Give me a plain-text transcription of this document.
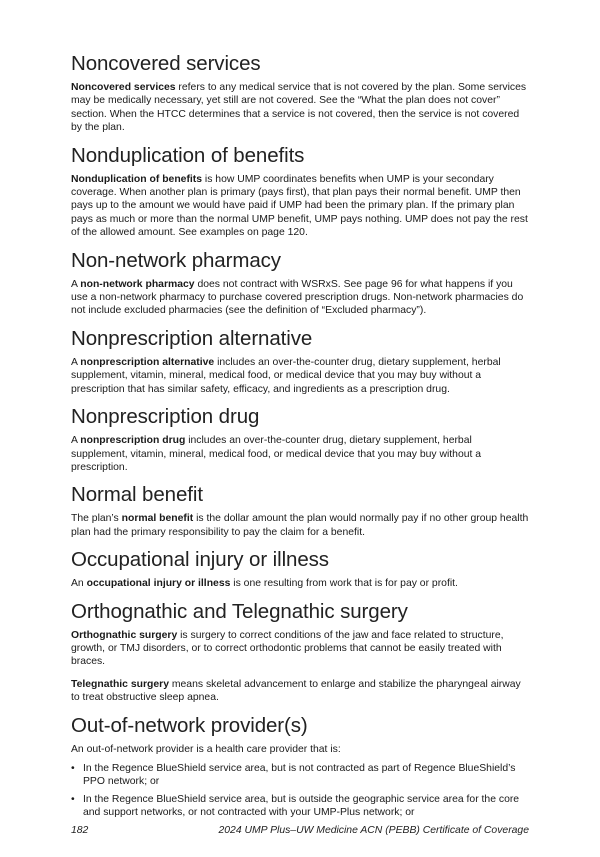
Noncovered services

Noncovered services refers to any medical service that is not covered by the plan. Some services may be medically necessary, yet still are not covered. See the “What the plan does not cover” section. When the HTCC determines that a service is not covered, then the service is not covered by the plan.

Nonduplication of benefits

Nonduplication of benefits is how UMP coordinates benefits when UMP is your secondary coverage. When another plan is primary (pays first), that plan pays their normal benefit. UMP then pays up to the amount we would have paid if UMP had been the primary plan. If the primary plan pays as much or more than the normal UMP benefit, UMP pays nothing. UMP does not pay the rest of the allowed amount. See examples on page 120.

Non-network pharmacy

A non-network pharmacy does not contract with WSRxS. See page 96 for what happens if you use a non-network pharmacy to purchase covered prescription drugs. Non-network pharmacies do not include excluded pharmacies (see the definition of “Excluded pharmacy”).

Nonprescription alternative

A nonprescription alternative includes an over-the-counter drug, dietary supplement, herbal supplement, vitamin, mineral, medical food, or medical device that you may buy without a prescription that has similar safety, efficacy, and ingredients as a prescription drug.

Nonprescription drug

A nonprescription drug includes an over-the-counter drug, dietary supplement, herbal supplement, vitamin, mineral, medical food, or medical device that you may buy without a prescription.

Normal benefit

The plan’s normal benefit is the dollar amount the plan would normally pay if no other group health plan had the primary responsibility to pay the claim for a benefit.

Occupational injury or illness

An occupational injury or illness is one resulting from work that is for pay or profit.

Orthognathic and Telegnathic surgery

Orthognathic surgery is surgery to correct conditions of the jaw and face related to structure, growth, or TMJ disorders, or to correct orthodontic problems that cannot be easily treated with braces.

Telegnathic surgery means skeletal advancement to enlarge and stabilize the pharyngeal airway to treat obstructive sleep apnea.

Out-of-network provider(s)

An out-of-network provider is a health care provider that is:

• In the Regence BlueShield service area, but is not contracted as part of Regence BlueShield’s PPO network; or
• In the Regence BlueShield service area, but is outside the geographic service area for the core and support networks, or not contracted with your UMP-Plus network; or
182	2024 UMP Plus–UW Medicine ACN (PEBB) Certificate of Coverage
